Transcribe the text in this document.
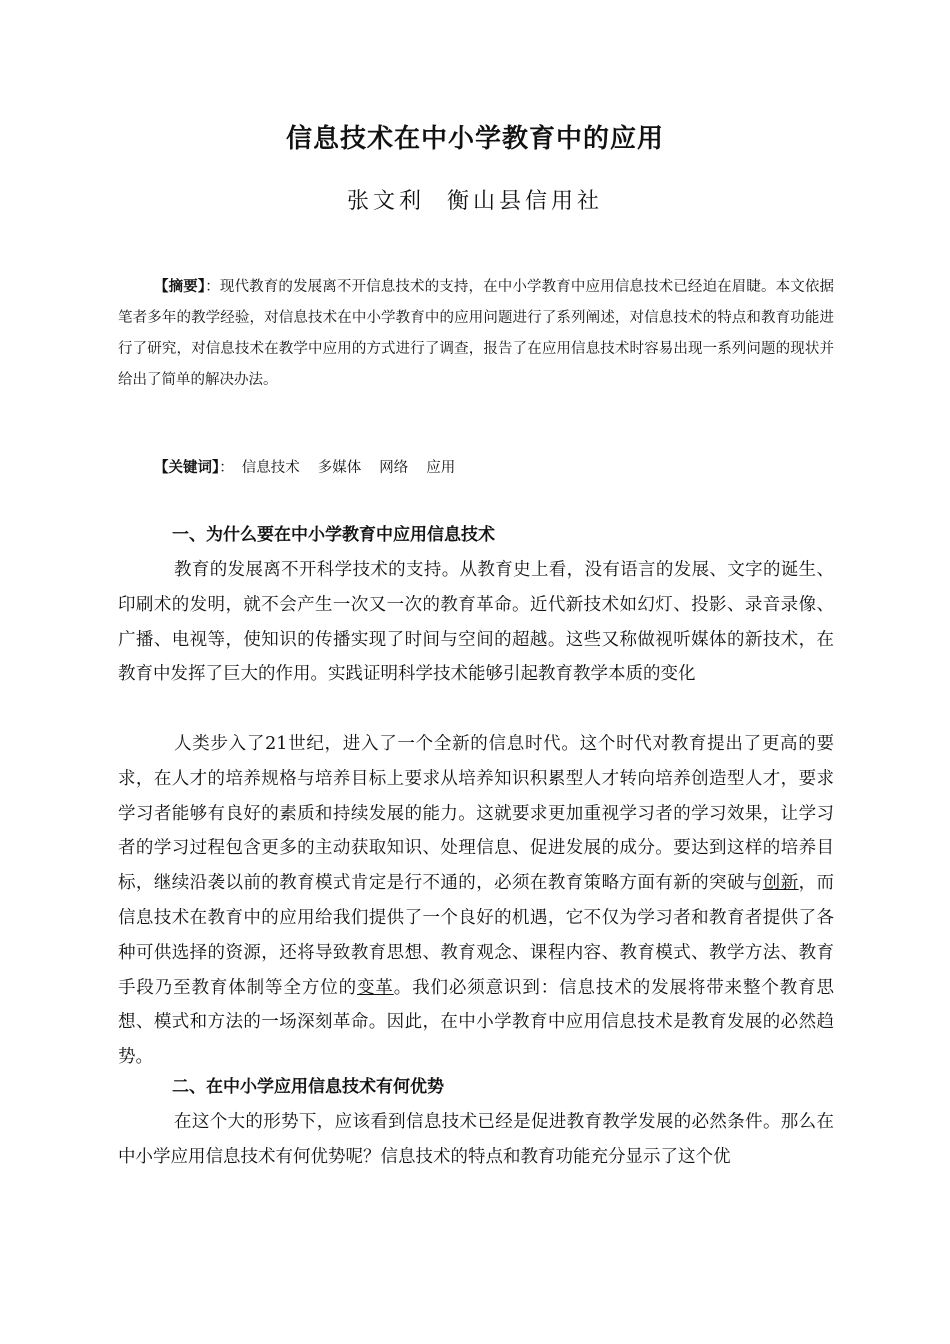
信息技术在中小学教育中的应用
张文利 衡山县信用社

【摘要】：现代教育的发展离不开信息技术的支持，在中小学教育中应用信息技术已经迫在眉睫。本文依据笔者多年的教学经验，对信息技术在中小学教育中的应用问题进行了系列阐述，对信息技术的特点和教育功能进行了研究，对信息技术在教学中应用的方式进行了调查，报告了在应用信息技术时容易出现一系列问题的现状并给出了简单的解决办法。

【关键词】： 信息技术 多媒体 网络 应用
一、为什么要在中小学教育中应用信息技术

教育的发展离不开科学技术的支持。从教育史上看，没有语言的发展、文字的诞生、印刷术的发明，就不会产生一次又一次的教育革命。近代新技术如幻灯、投影、录音录像、广播、电视等，使知识的传播实现了时间与空间的超越。这些又称做视听媒体的新技术，在教育中发挥了巨大的作用。实践证明科学技术能够引起教育教学本质的变化

人类步入了21世纪，进入了一个全新的信息时代。这个时代对教育提出了更高的要求，在人才的培养规格与培养目标上要求从培养知识积累型人才转向培养创造型人才，要求学习者能够有良好的素质和持续发展的能力。这就要求更加重视学习者的学习效果，让学习者的学习过程包含更多的主动获取知识、处理信息、促进发展的成分。要达到这样的培养目标，继续沿袭以前的教育模式肯定是行不通的，必须在教育策略方面有新的突破与创新，而信息技术在教育中的应用给我们提供了一个良好的机遇，它不仅为学习者和教育者提供了各种可供选择的资源，还将导致教育思想、教育观念、课程内容、教育模式、教学方法、教育手段乃至教育体制等全方位的变革。我们必须意识到：信息技术的发展将带来整个教育思想、模式和方法的一场深刻革命。因此，在中小学教育中应用信息技术是教育发展的必然趋势。

二、在中小学应用信息技术有何优势

在这个大的形势下，应该看到信息技术已经是促进教育教学发展的必然条件。那么在中小学应用信息技术有何优势呢？信息技术的特点和教育功能充分显示了这个优
